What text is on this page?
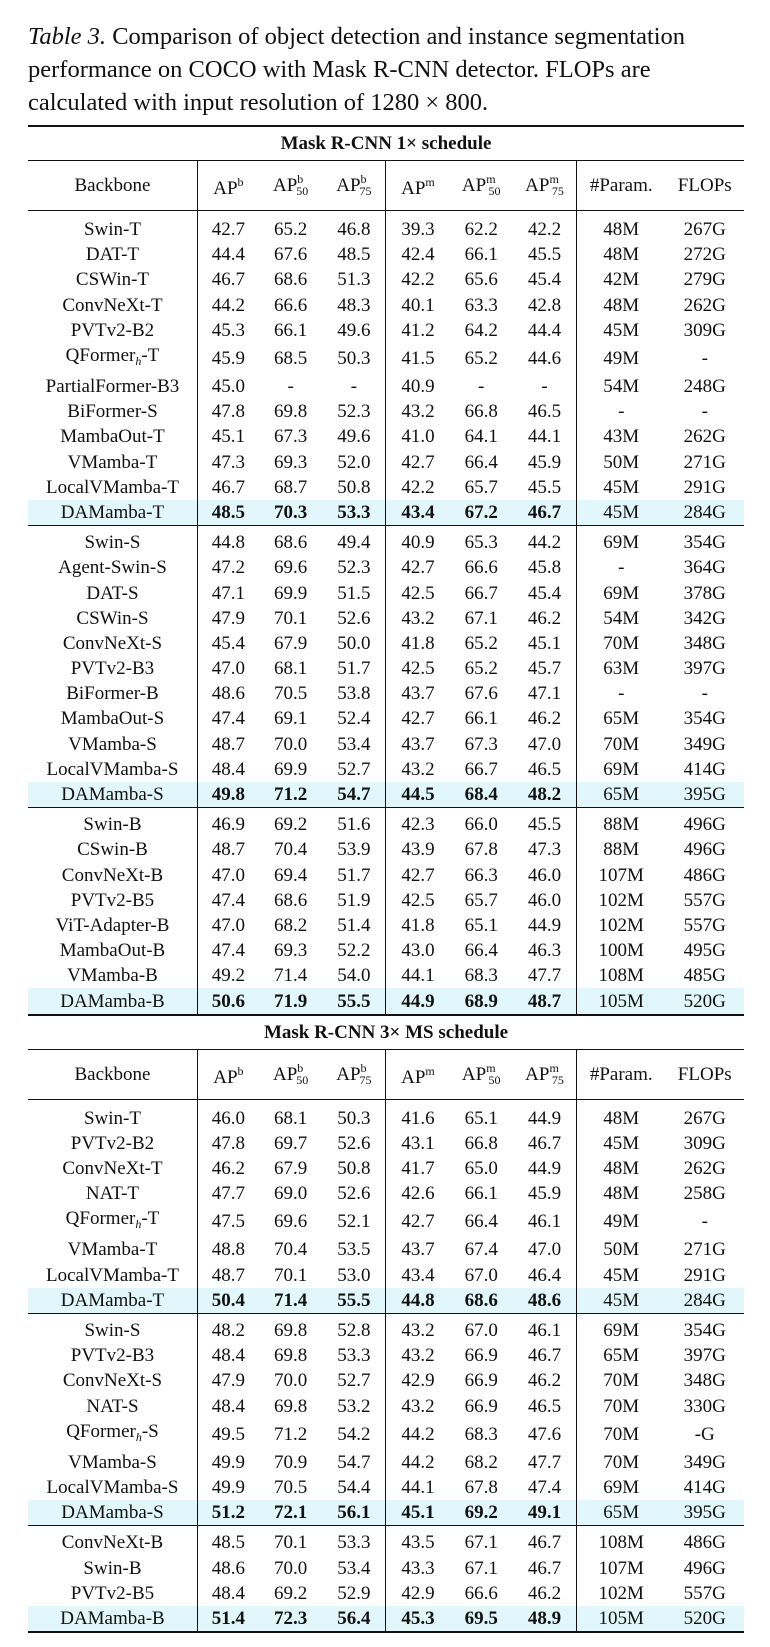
Table 3. Comparison of object detection and instance segmentation performance on COCO with Mask R-CNN detector. FLOPs are calculated with input resolution of 1280 × 800.

Mask R-CNN 1× schedule								
Backbone	$AP^b$	$AP^b_{50}$	$AP^b_{75}$	$AP^m$	$AP^m_{50}$	$AP^m_{75}$	#Param.	FLOPs
Swin-T	42.7	65.2	46.8	39.3	62.2	42.2	48M	267G
DAT-T	44.4	67.6	48.5	42.4	66.1	45.5	48M	272G
CSWin-T	46.7	68.6	51.3	42.2	65.6	45.4	42M	279G
ConvNeXt-T	44.2	66.6	48.3	40.1	63.3	42.8	48M	262G
PVTv2-B2	45.3	66.1	49.6	41.2	64.2	44.4	45M	309G
QFormer$_h$-T	45.9	68.5	50.3	41.5	65.2	44.6	49M	-
PartialFormer-B3	45.0	-	-	40.9	-	-	54M	248G
BiFormer-S	47.8	69.8	52.3	43.2	66.8	46.5	-	-
MambaOut-T	45.1	67.3	49.6	41.0	64.1	44.1	43M	262G
VMamba-T	47.3	69.3	52.0	42.7	66.4	45.9	50M	271G
LocalVMamba-T	46.7	68.7	50.8	42.2	65.7	45.5	45M	291G
DAMamba-T	48.5	70.3	53.3	43.4	67.2	46.7	45M	284G
Swin-S	44.8	68.6	49.4	40.9	65.3	44.2	69M	354G
Agent-Swin-S	47.2	69.6	52.3	42.7	66.6	45.8	-	364G
DAT-S	47.1	69.9	51.5	42.5	66.7	45.4	69M	378G
CSWin-S	47.9	70.1	52.6	43.2	67.1	46.2	54M	342G
ConvNeXt-S	45.4	67.9	50.0	41.8	65.2	45.1	70M	348G
PVTv2-B3	47.0	68.1	51.7	42.5	65.2	45.7	63M	397G
BiFormer-B	48.6	70.5	53.8	43.7	67.6	47.1	-	-
MambaOut-S	47.4	69.1	52.4	42.7	66.1	46.2	65M	354G
VMamba-S	48.7	70.0	53.4	43.7	67.3	47.0	70M	349G
LocalVMamba-S	48.4	69.9	52.7	43.2	66.7	46.5	69M	414G
DAMamba-S	49.8	71.2	54.7	44.5	68.4	48.2	65M	395G
Swin-B	46.9	69.2	51.6	42.3	66.0	45.5	88M	496G
CSwin-B	48.7	70.4	53.9	43.9	67.8	47.3	88M	496G
ConvNeXt-B	47.0	69.4	51.7	42.7	66.3	46.0	107M	486G
PVTv2-B5	47.4	68.6	51.9	42.5	65.7	46.0	102M	557G
ViT-Adapter-B	47.0	68.2	51.4	41.8	65.1	44.9	102M	557G
MambaOut-B	47.4	69.3	52.2	43.0	66.4	46.3	100M	495G
VMamba-B	49.2	71.4	54.0	44.1	68.3	47.7	108M	485G
DAMamba-B	50.6	71.9	55.5	44.9	68.9	48.7	105M	520G
Mask R-CNN 3× MS schedule								
Backbone	$AP^b$	$AP^b_{50}$	$AP^b_{75}$	$AP^m$	$AP^m_{50}$	$AP^m_{75}$	#Param.	FLOPs
Swin-T	46.0	68.1	50.3	41.6	65.1	44.9	48M	267G
PVTv2-B2	47.8	69.7	52.6	43.1	66.8	46.7	45M	309G
ConvNeXt-T	46.2	67.9	50.8	41.7	65.0	44.9	48M	262G
NAT-T	47.7	69.0	52.6	42.6	66.1	45.9	48M	258G
QFormer$_h$-T	47.5	69.6	52.1	42.7	66.4	46.1	49M	-
VMamba-T	48.8	70.4	53.5	43.7	67.4	47.0	50M	271G
LocalVMamba-T	48.7	70.1	53.0	43.4	67.0	46.4	45M	291G
DAMamba-T	50.4	71.4	55.5	44.8	68.6	48.6	45M	284G
Swin-S	48.2	69.8	52.8	43.2	67.0	46.1	69M	354G
PVTv2-B3	48.4	69.8	53.3	43.2	66.9	46.7	65M	397G
ConvNeXt-S	47.9	70.0	52.7	42.9	66.9	46.2	70M	348G
NAT-S	48.4	69.8	53.2	43.2	66.9	46.5	70M	330G
QFormer$_h$-S	49.5	71.2	54.2	44.2	68.3	47.6	70M	-G
VMamba-S	49.9	70.9	54.7	44.2	68.2	47.7	70M	349G
LocalVMamba-S	49.9	70.5	54.4	44.1	67.8	47.4	69M	414G
DAMamba-S	51.2	72.1	56.1	45.1	69.2	49.1	65M	395G
ConvNeXt-B	48.5	70.1	53.3	43.5	67.1	46.7	108M	486G
Swin-B	48.6	70.0	53.4	43.3	67.1	46.7	107M	496G
PVTv2-B5	48.4	69.2	52.9	42.9	66.6	46.2	102M	557G
DAMamba-B	51.4	72.3	56.4	45.3	69.5	48.9	105M	520G
